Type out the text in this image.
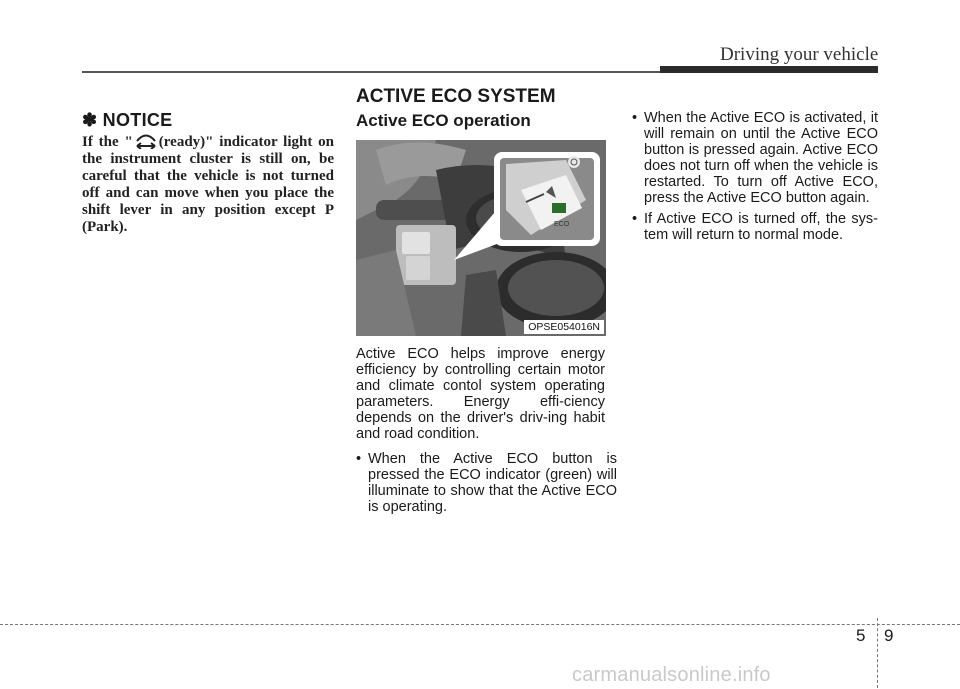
Driving your vehicle
ACTIVE ECO SYSTEM
✽ NOTICE
If the " (ready)" indicator light on the instrument cluster is still on, be careful that the vehicle is not turned off and can move when you place the shift lever in any position except P (Park).
Active ECO operation
ECO
OPSE054016N
Active ECO helps improve energy efficiency by controlling certain motor and climate contol system operating parameters. Energy effi-ciency depends on the driver's driv-ing habit and road condition.
• When the Active ECO button is pressed the ECO indicator (green) will illuminate to show that the Active ECO is operating.
• When the Active ECO is activated, it will remain on until the Active ECO button is pressed again. Active ECO does not turn off when the vehicle is restarted. To turn off Active ECO, press the Active ECO button again.
• If Active ECO is turned off, the sys-tem will return to normal mode.
5 9
carmanualsonline.info
